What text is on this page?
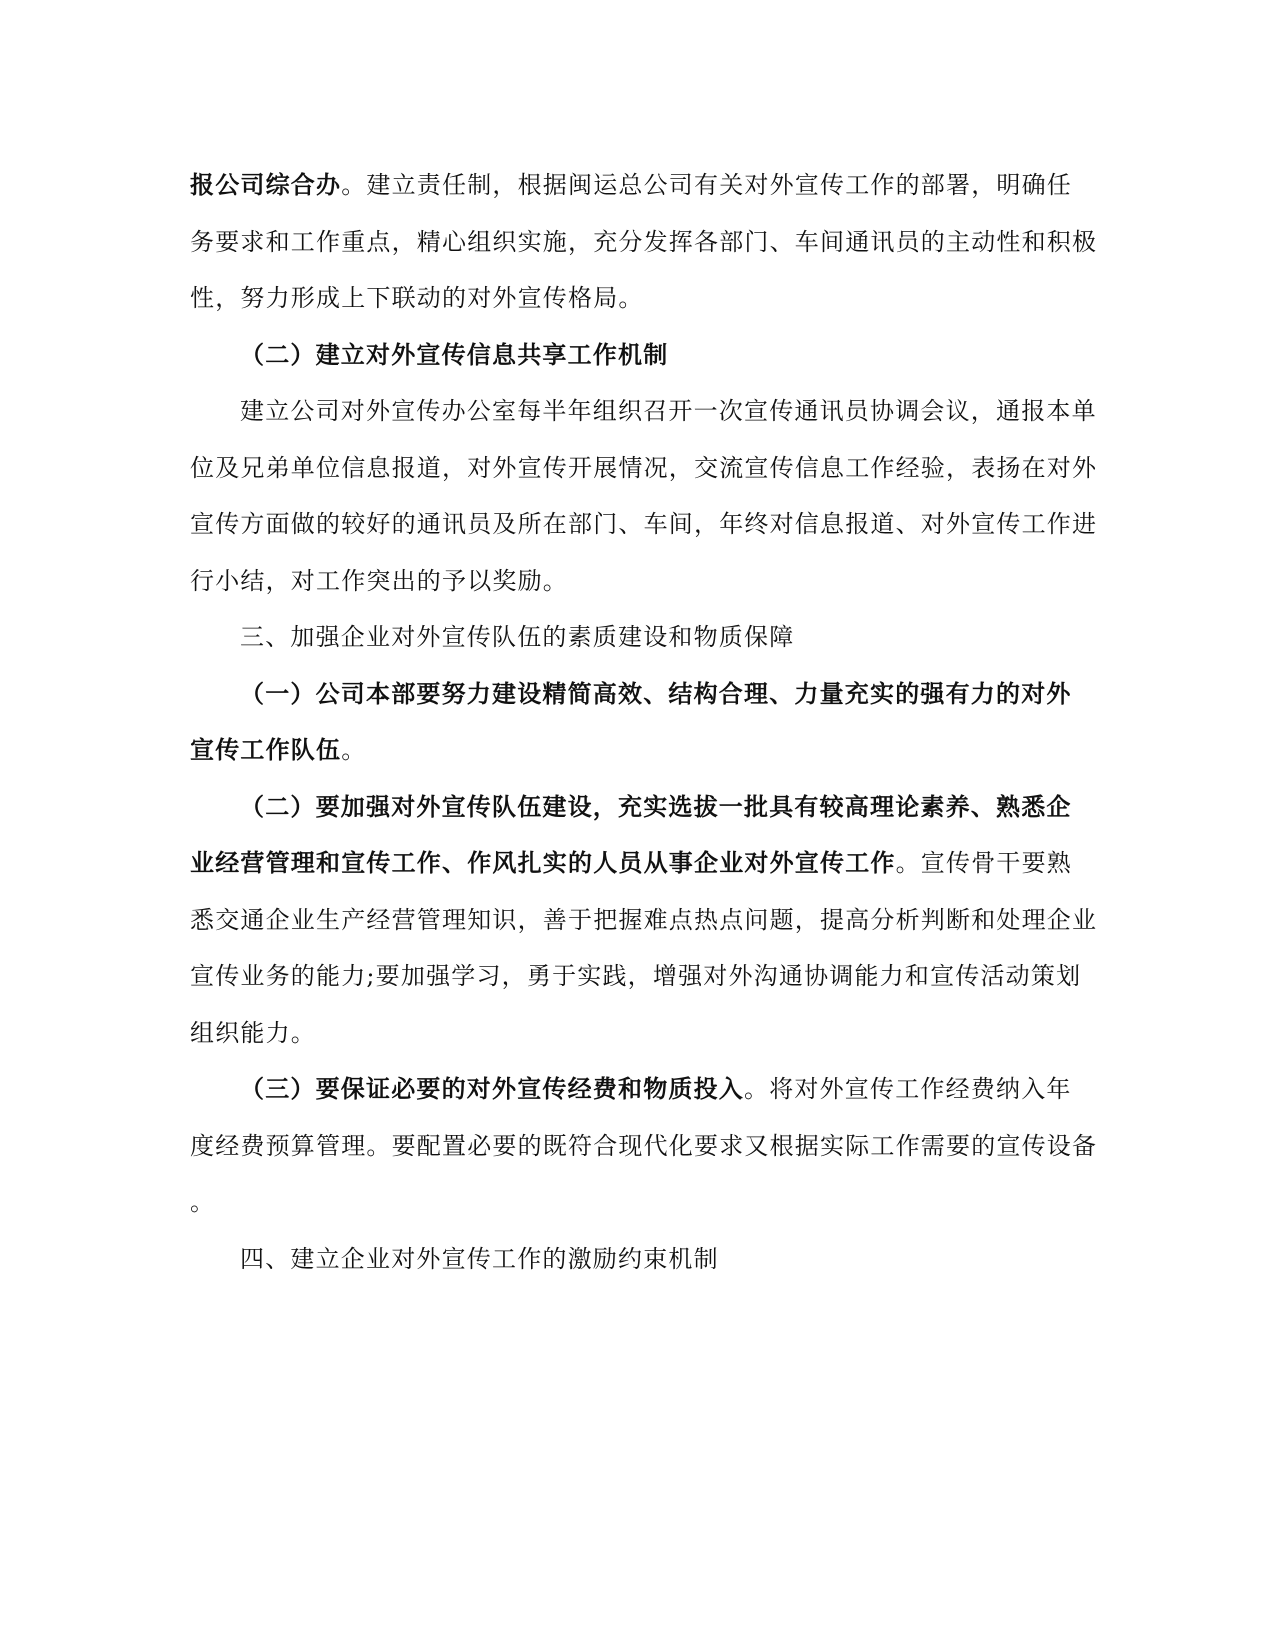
报公司综合办。建立责任制，根据闽运总公司有关对外宣传工作的部署，明确任
务要求和工作重点，精心组织实施，充分发挥各部门、车间通讯员的主动性和积极
性，努力形成上下联动的对外宣传格局。
（二）建立对外宣传信息共享工作机制
建立公司对外宣传办公室每半年组织召开一次宣传通讯员协调会议，通报本单
位及兄弟单位信息报道，对外宣传开展情况，交流宣传信息工作经验，表扬在对外
宣传方面做的较好的通讯员及所在部门、车间，年终对信息报道、对外宣传工作进
行小结，对工作突出的予以奖励。
三、加强企业对外宣传队伍的素质建设和物质保障
（一）公司本部要努力建设精简高效、结构合理、力量充实的强有力的对外
宣传工作队伍。
（二）要加强对外宣传队伍建设，充实选拔一批具有较高理论素养、熟悉企
业经营管理和宣传工作、作风扎实的人员从事企业对外宣传工作。宣传骨干要熟
悉交通企业生产经营管理知识，善于把握难点热点问题，提高分析判断和处理企业
宣传业务的能力;要加强学习，勇于实践，增强对外沟通协调能力和宣传活动策划
组织能力。
（三）要保证必要的对外宣传经费和物质投入。将对外宣传工作经费纳入年
度经费预算管理。要配置必要的既符合现代化要求又根据实际工作需要的宣传设备
。
四、建立企业对外宣传工作的激励约束机制
